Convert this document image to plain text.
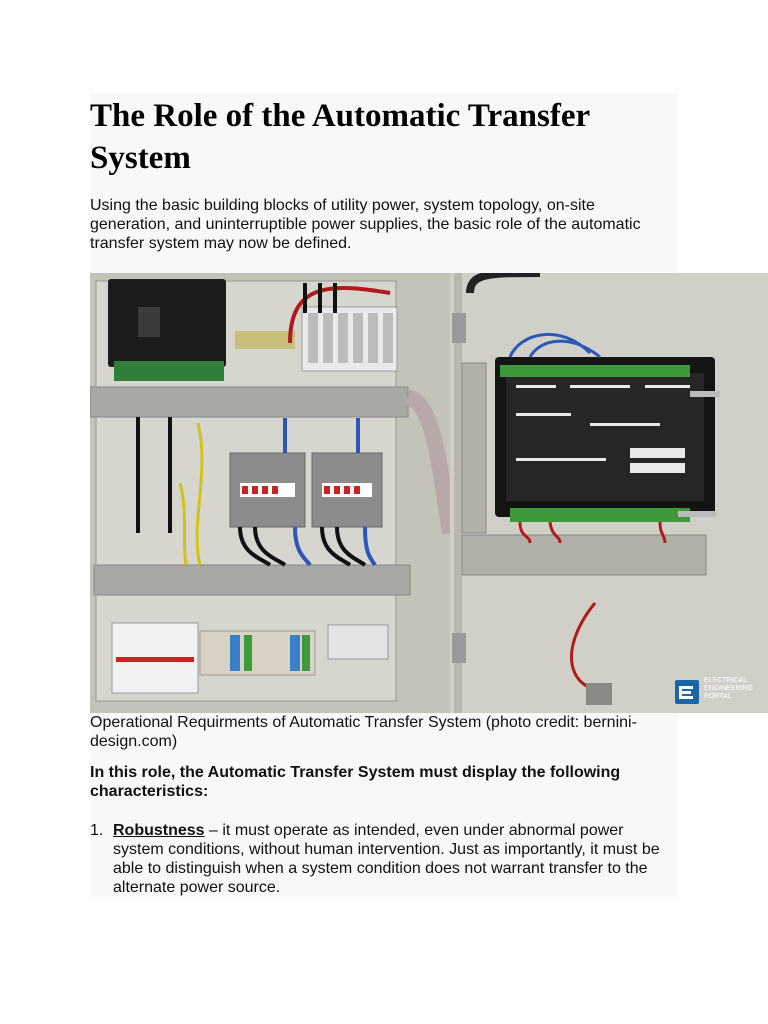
The Role of the Automatic Transfer System

Using the basic building blocks of utility power, system topology, on-site generation, and uninterruptible power supplies, the basic role of the automatic transfer system may now be defined.

ELECTRICAL
ENGINEERING
PORTAL

Operational Requirments of Automatic Transfer System (photo credit: bernini-design.com)

In this role, the Automatic Transfer System must display the following characteristics:

1. Robustness – it must operate as intended, even under abnormal power system conditions, without human intervention. Just as importantly, it must be able to distinguish when a system condition does not warrant transfer to the alternate power source.
